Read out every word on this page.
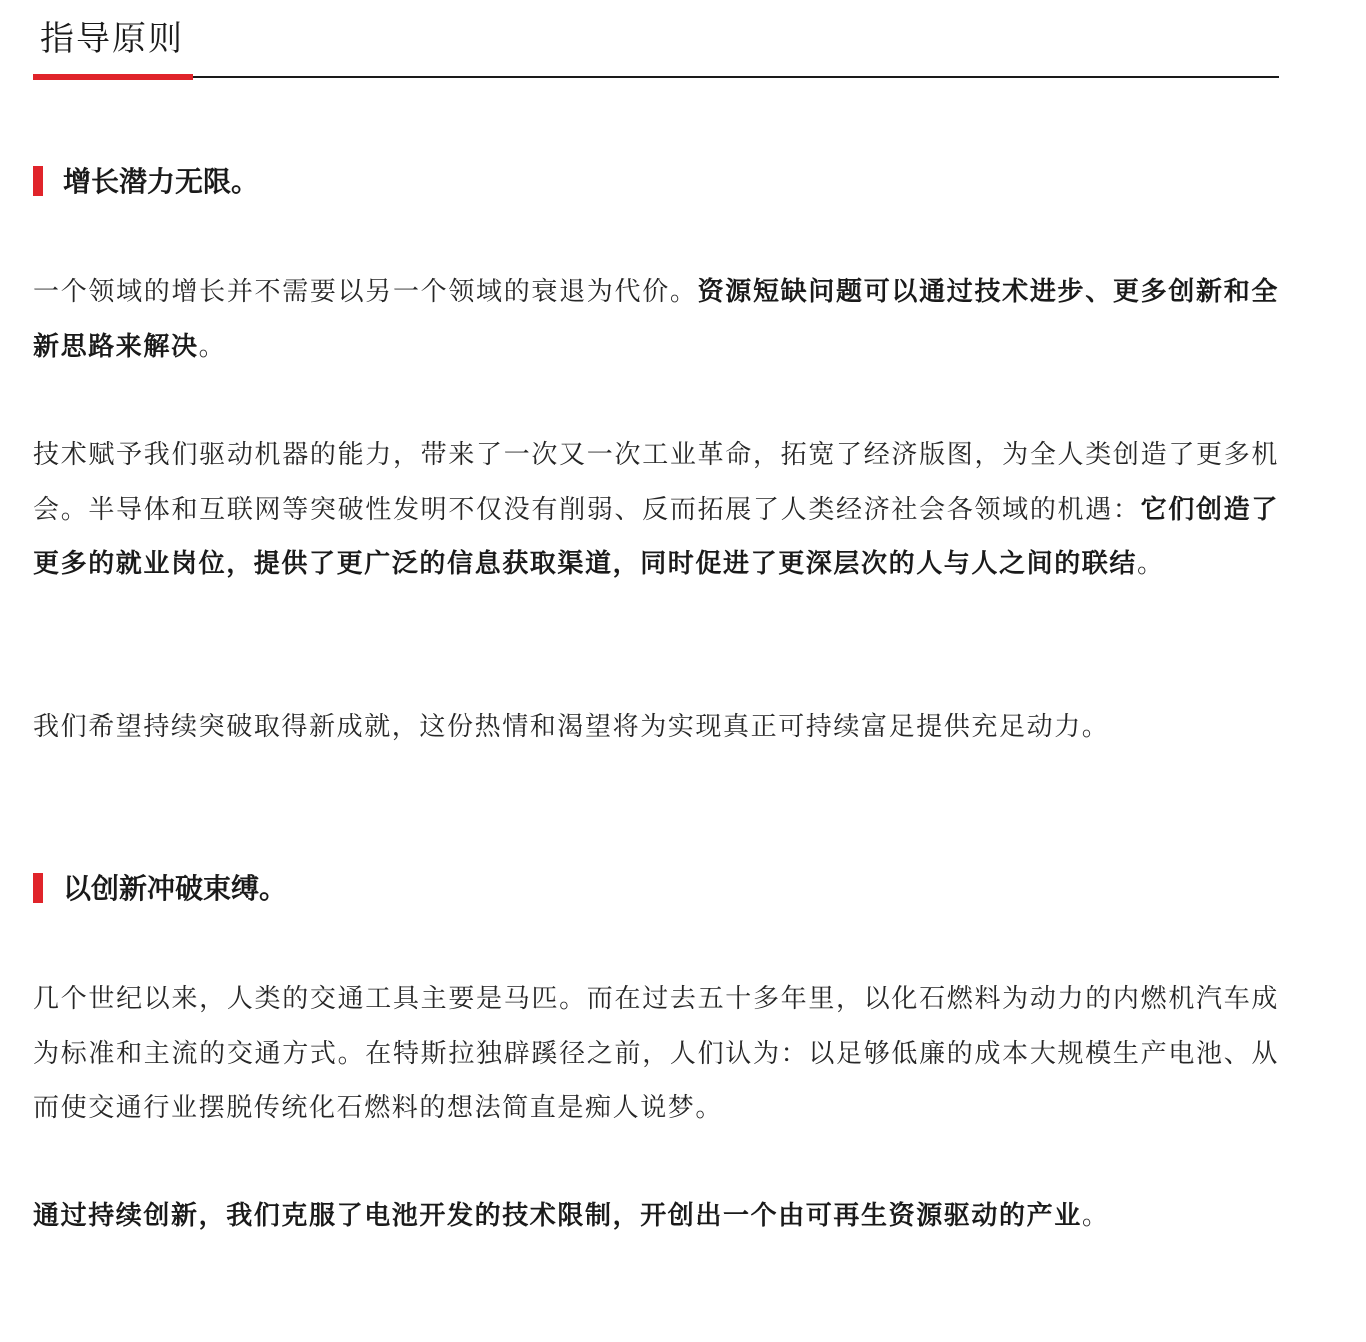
指导原则
增长潜力无限。

一个领域的增长并不需要以另一个领域的衰退为代价。资源短缺问题可以通过技术进步、更多创新和全新思路来解决。

技术赋予我们驱动机器的能力，带来了一次又一次工业革命，拓宽了经济版图，为全人类创造了更多机会。半导体和互联网等突破性发明不仅没有削弱、反而拓展了人类经济社会各领域的机遇：它们创造了更多的就业岗位，提供了更广泛的信息获取渠道，同时促进了更深层次的人与人之间的联结。

我们希望持续突破取得新成就，这份热情和渴望将为实现真正可持续富足提供充足动力。

以创新冲破束缚。

几个世纪以来，人类的交通工具主要是马匹。而在过去五十多年里，以化石燃料为动力的内燃机汽车成为标准和主流的交通方式。在特斯拉独辟蹊径之前，人们认为：以足够低廉的成本大规模生产电池、从而使交通行业摆脱传统化石燃料的想法简直是痴人说梦。

通过持续创新，我们克服了电池开发的技术限制，开创出一个由可再生资源驱动的产业。
